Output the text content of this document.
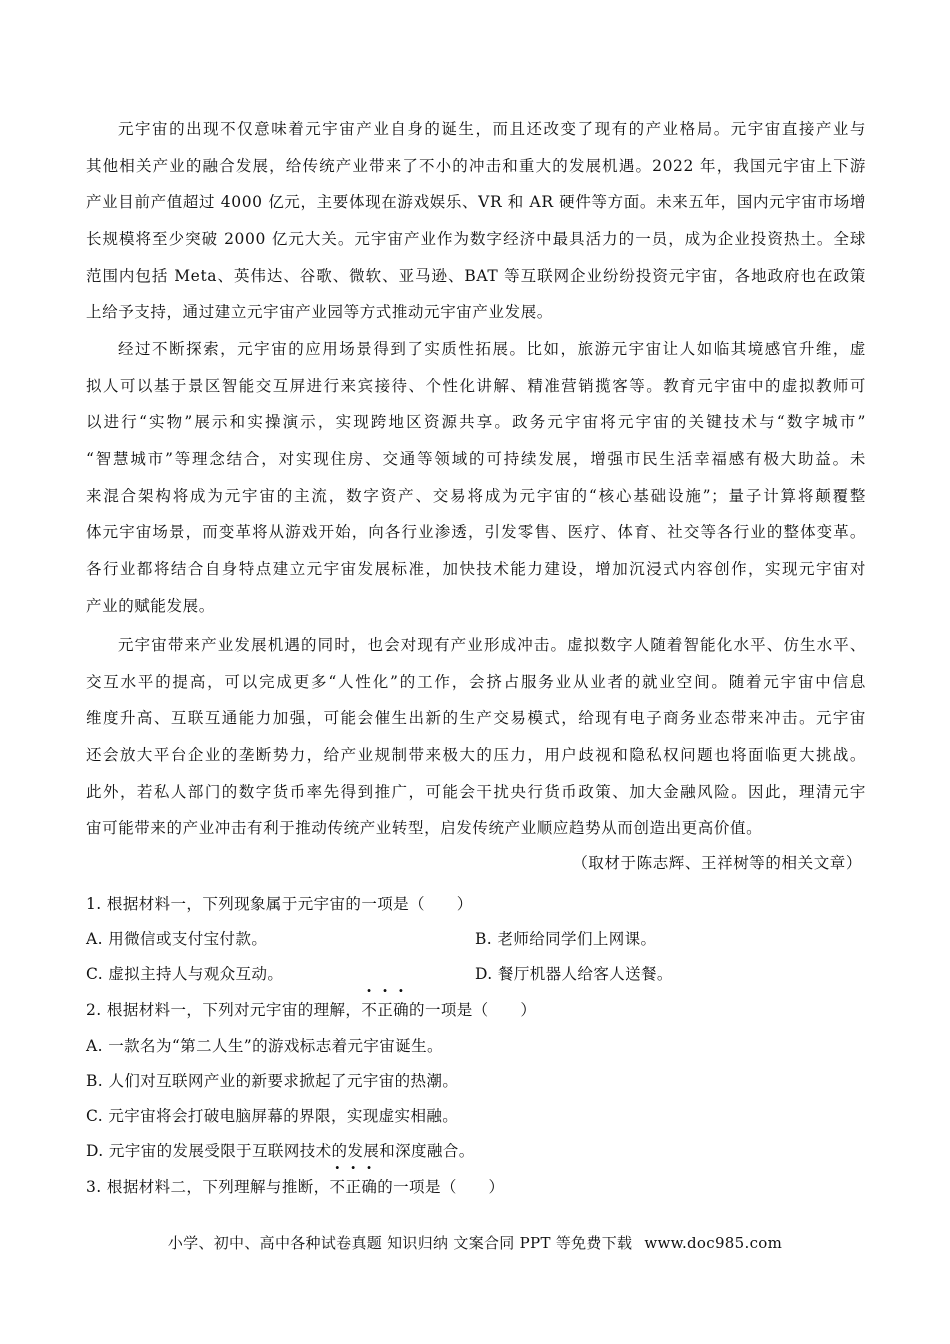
元宇宙的出现不仅意味着元宇宙产业自身的诞生，而且还改变了现有的产业格局。元宇宙直接产业与
其他相关产业的融合发展，给传统产业带来了不小的冲击和重大的发展机遇。2022 年，我国元宇宙上下游
产业目前产值超过 4000 亿元，主要体现在游戏娱乐、VR 和 AR 硬件等方面。未来五年，国内元宇宙市场增
长规模将至少突破 2000 亿元大关。元宇宙产业作为数字经济中最具活力的一员，成为企业投资热土。全球
范围内包括 Meta、英伟达、谷歌、微软、亚马逊、BAT 等互联网企业纷纷投资元宇宙，各地政府也在政策
上给予支持，通过建立元宇宙产业园等方式推动元宇宙产业发展。
经过不断探索，元宇宙的应用场景得到了实质性拓展。比如，旅游元宇宙让人如临其境感官升维，虚
拟人可以基于景区智能交互屏进行来宾接待、个性化讲解、精准营销揽客等。教育元宇宙中的虚拟教师可
以进行“实物”展示和实操演示，实现跨地区资源共享。政务元宇宙将元宇宙的关键技术与“数字城市”
“智慧城市”等理念结合，对实现住房、交通等领域的可持续发展，增强市民生活幸福感有极大助益。未
来混合架构将成为元宇宙的主流，数字资产、交易将成为元宇宙的“核心基础设施”；量子计算将颠覆整
体元宇宙场景，而变革将从游戏开始，向各行业渗透，引发零售、医疗、体育、社交等各行业的整体变革。
各行业都将结合自身特点建立元宇宙发展标准，加快技术能力建设，增加沉浸式内容创作，实现元宇宙对
产业的赋能发展。
元宇宙带来产业发展机遇的同时，也会对现有产业形成冲击。虚拟数字人随着智能化水平、仿生水平、
交互水平的提高，可以完成更多“人性化”的工作，会挤占服务业从业者的就业空间。随着元宇宙中信息
维度升高、互联互通能力加强，可能会催生出新的生产交易模式，给现有电子商务业态带来冲击。元宇宙
还会放大平台企业的垄断势力，给产业规制带来极大的压力，用户歧视和隐私权问题也将面临更大挑战。
此外，若私人部门的数字货币率先得到推广，可能会干扰央行货币政策、加大金融风险。因此，理清元宇
宙可能带来的产业冲击有利于推动传统产业转型，启发传统产业顺应趋势从而创造出更高价值。
（取材于陈志辉、王祥树等的相关文章）
1. 根据材料一，下列现象属于元宇宙的一项是（　　）
A. 用微信或支付宝付款。	B. 老师给同学们上网课。
C. 虚拟主持人与观众互动。	D. 餐厅机器人给客人送餐。
2. 根据材料一，下列对元宇宙的理解，不正确的一项是（　　）
A. 一款名为“第二人生”的游戏标志着元宇宙诞生。
B. 人们对互联网产业的新要求掀起了元宇宙的热潮。
C. 元宇宙将会打破电脑屏幕的界限，实现虚实相融。
D. 元宇宙的发展受限于互联网技术的发展和深度融合。
3. 根据材料二，下列理解与推断，不正确的一项是（　　）
小学、初中、高中各种试卷真题 知识归纳 文案合同 PPT 等免费下载 www.doc985.com
